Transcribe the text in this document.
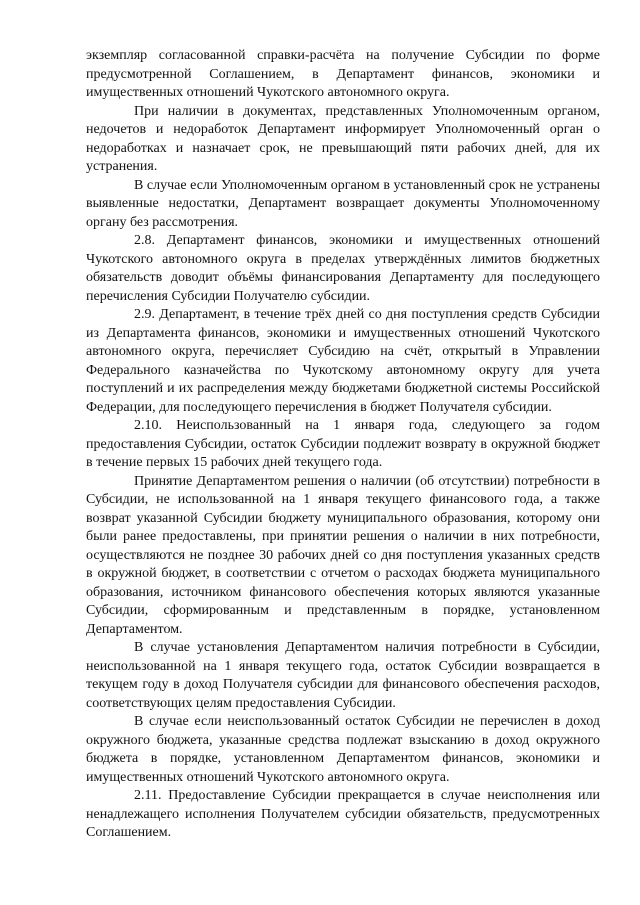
экземпляр согласованной справки-расчёта на получение Субсидии по форме предусмотренной Соглашением, в Департамент финансов, экономики и имущественных отношений Чукотского автономного округа.

При наличии в документах, представленных Уполномоченным органом, недочетов и недоработок Департамент информирует Уполномоченный орган о недоработках и назначает срок, не превышающий пяти рабочих дней, для их устранения.

В случае если Уполномоченным органом в установленный срок не устранены выявленные недостатки, Департамент возвращает документы Уполномоченному органу без рассмотрения.

2.8. Департамент финансов, экономики и имущественных отношений Чукотского автономного округа в пределах утверждённых лимитов бюджетных обязательств доводит объёмы финансирования Департаменту для последующего перечисления Субсидии Получателю субсидии.

2.9. Департамент, в течение трёх дней со дня поступления средств Субсидии из Департамента финансов, экономики и имущественных отношений Чукотского автономного округа, перечисляет Субсидию на счёт, открытый в Управлении Федерального казначейства по Чукотскому автономному округу для учета поступлений и их распределения между бюджетами бюджетной системы Российской Федерации, для последующего перечисления в бюджет Получателя субсидии.

2.10. Неиспользованный на 1 января года, следующего за годом предоставления Субсидии, остаток Субсидии подлежит возврату в окружной бюджет в течение первых 15 рабочих дней текущего года.

Принятие Департаментом решения о наличии (об отсутствии) потребности в Субсидии, не использованной на 1 января текущего финансового года, а также возврат указанной Субсидии бюджету муниципального образования, которому они были ранее предоставлены, при принятии решения о наличии в них потребности, осуществляются не позднее 30 рабочих дней со дня поступления указанных средств в окружной бюджет, в соответствии с отчетом о расходах бюджета муниципального образования, источником финансового обеспечения которых являются указанные Субсидии, сформированным и представленным в порядке, установленном Департаментом.

В случае установления Департаментом наличия потребности в Субсидии, неиспользованной на 1 января текущего года, остаток Субсидии возвращается в текущем году в доход Получателя субсидии для финансового обеспечения расходов, соответствующих целям предоставления Субсидии.

В случае если неиспользованный остаток Субсидии не перечислен в доход окружного бюджета, указанные средства подлежат взысканию в доход окружного бюджета в порядке, установленном Департаментом финансов, экономики и имущественных отношений Чукотского автономного округа.

2.11. Предоставление Субсидии прекращается в случае неисполнения или ненадлежащего исполнения Получателем субсидии обязательств, предусмотренных Соглашением.
